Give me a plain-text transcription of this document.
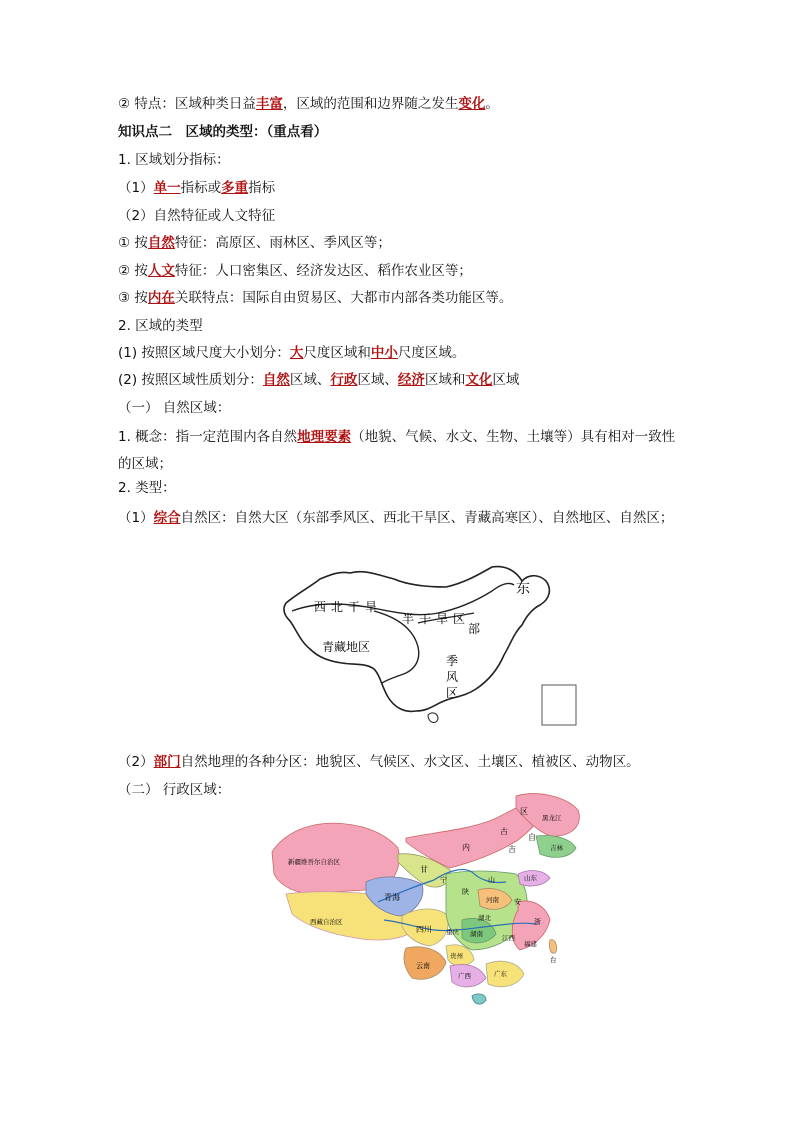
② 特点：区域种类日益丰富，区域的范围和边界随之发生变化。
知识点二　区域的类型：（重点看）
1. 区域划分指标：
（1）单一指标或多重指标
（2）自然特征或人文特征
① 按自然特征：高原区、雨林区、季风区等；
② 按人文特征：人口密集区、经济发达区、稻作农业区等；
③ 按内在关联特点：国际自由贸易区、大都市内部各类功能区等。
2. 区域的类型
(1) 按照区域尺度大小划分：大尺度区域和中小尺度区域。
(2) 按照区域性质划分：自然区域、行政区域、经济区域和文化区域
（一） 自然区域：
1. 概念：指一定范围内各自然地理要素（地貌、气候、水文、生物、土壤等）具有相对一致性的区域；
2. 类型：
（1）综合自然区：自然大区（东部季风区、西北干旱区、青藏高寒区）、自然地区、自然区；
西北干旱
半干旱区
东
部
青藏地区
季
风
区
（2）部门自然地理的各种分区：地貌区、气候区、水文区、土壤区、植被区、动物区。
（二） 行政区域：
新疆维吾尔自治区
西藏自治区
青海
甘
内
古
吉
自
区
黑龙江
吉林
宁
陕
山	山东
河南 安
湖北	浙
四川 重庆 湖南	江西
福建
贵州
云南
广西	广东
台
